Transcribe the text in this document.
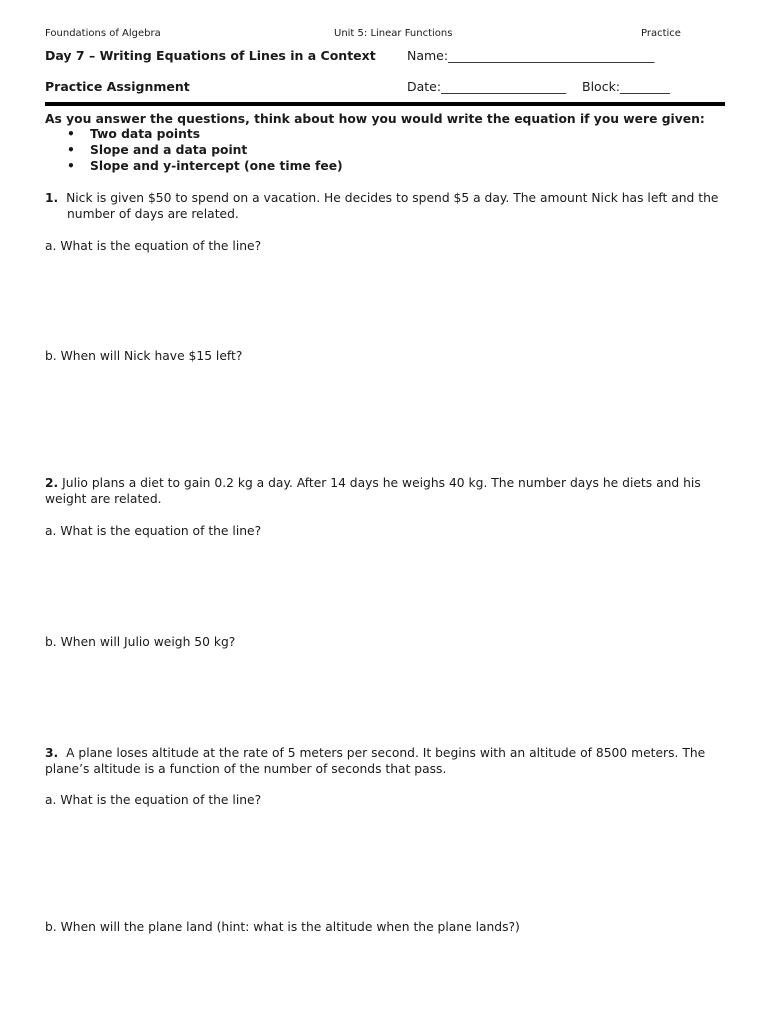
Foundations of Algebra	Unit 5: Linear Functions	Practice
Day 7 – Writing Equations of Lines in a Context	Name:_________________________________
Practice Assignment	Date:____________________ Block:________
As you answer the questions, think about how you would write the equation if you were given:
• Two data points
• Slope and a data point
• Slope and y-intercept (one time fee)
1. Nick is given $50 to spend on a vacation. He decides to spend $5 a day. The amount Nick has left and the
number of days are related.
a. What is the equation of the line?
b. When will Nick have $15 left?
2. Julio plans a diet to gain 0.2 kg a day. After 14 days he weighs 40 kg. The number days he diets and his
weight are related.
a. What is the equation of the line?
b. When will Julio weigh 50 kg?
3. A plane loses altitude at the rate of 5 meters per second. It begins with an altitude of 8500 meters. The
plane’s altitude is a function of the number of seconds that pass.
a. What is the equation of the line?
b. When will the plane land (hint: what is the altitude when the plane lands?)
